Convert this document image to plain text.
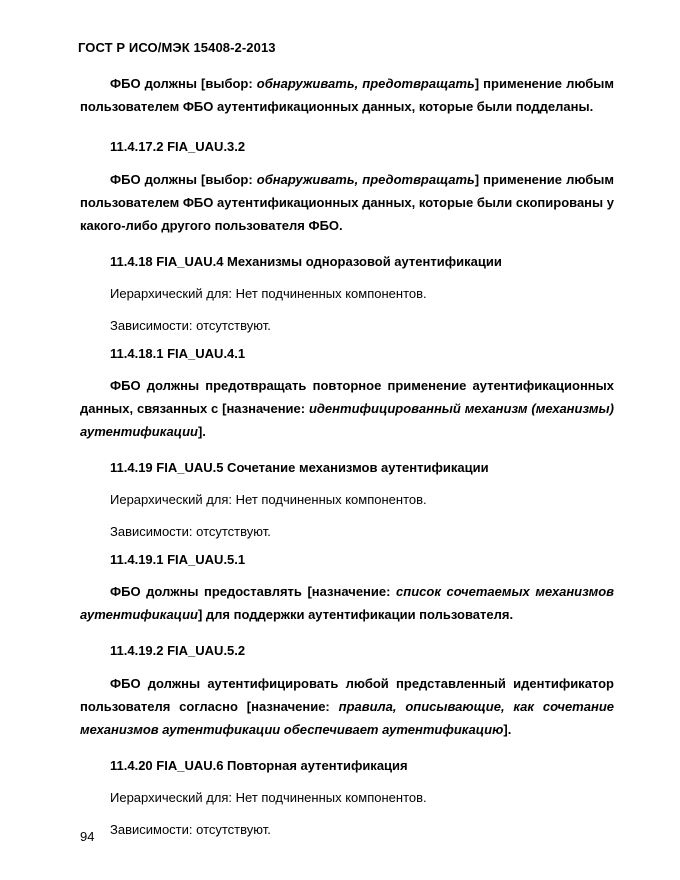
ГОСТ Р ИСО/МЭК 15408-2-2013

ФБО должны [выбор: обнаруживать, предотвращать] применение любым пользователем ФБО аутентификационных данных, которые были подделаны.

11.4.17.2 FIA_UAU.3.2

ФБО должны [выбор: обнаруживать, предотвращать] применение любым пользователем ФБО аутентификационных данных, которые были скопированы у какого-либо другого пользователя ФБО.

11.4.18 FIA_UAU.4 Механизмы одноразовой аутентификации

Иерархический для: Нет подчиненных компонентов.

Зависимости: отсутствуют.

11.4.18.1 FIA_UAU.4.1

ФБО должны предотвращать повторное применение аутентификационных данных, связанных с [назначение: идентифицированный механизм (механизмы) аутентификации].

11.4.19 FIA_UAU.5 Сочетание механизмов аутентификации

Иерархический для: Нет подчиненных компонентов.

Зависимости: отсутствуют.

11.4.19.1 FIA_UAU.5.1

ФБО должны предоставлять [назначение: список сочетаемых механизмов аутентификации] для поддержки аутентификации пользователя.

11.4.19.2 FIA_UAU.5.2

ФБО должны аутентифицировать любой представленный идентификатор пользователя согласно [назначение: правила, описывающие, как сочетание механизмов аутентификации обеспечивает аутентификацию].

11.4.20 FIA_UAU.6 Повторная аутентификация

Иерархический для: Нет подчиненных компонентов.

Зависимости: отсутствуют.

94
